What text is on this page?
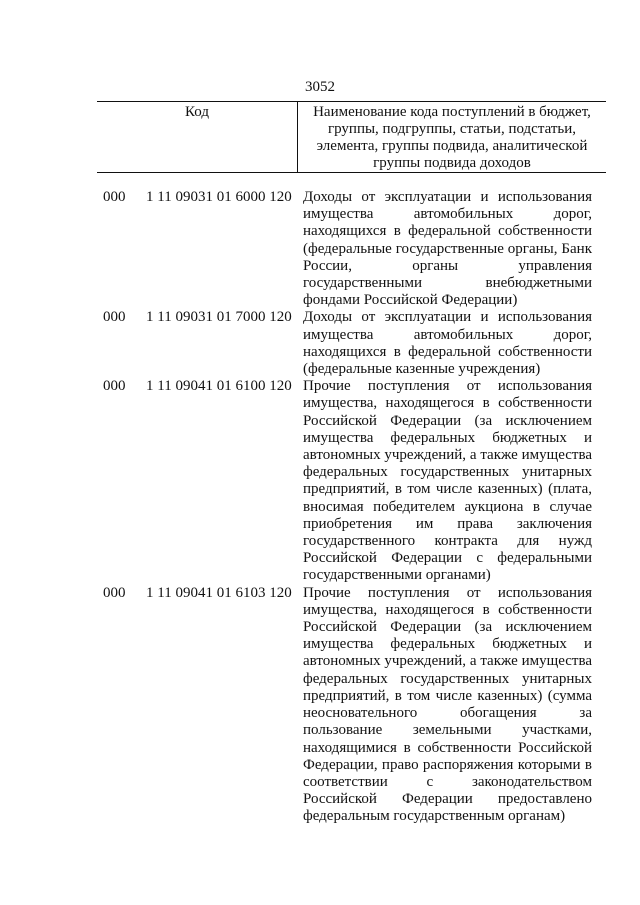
3052
Код	Наименование кода поступлений в бюджет, группы, подгруппы, статьи, подстатьи, элемента, группы подвида, аналитической группы подвида доходов
000 1 11 09031 01 6000 120 Доходы от эксплуатации и использования имущества автомобильных дорог, находящихся в федеральной собственности (федеральные государственные органы, Банк России, органы управления государственными внебюджетными фондами Российской Федерации)
000 1 11 09031 01 7000 120 Доходы от эксплуатации и использования имущества автомобильных дорог, находящихся в федеральной собственности (федеральные казенные учреждения)
000 1 11 09041 01 6100 120 Прочие поступления от использования имущества, находящегося в собственности Российской Федерации (за исключением имущества федеральных бюджетных и автономных учреждений, а также имущества федеральных государственных унитарных предприятий, в том числе казенных) (плата, вносимая победителем аукциона в случае приобретения им права заключения государственного контракта для нужд Российской Федерации с федеральными государственными органами)
000 1 11 09041 01 6103 120 Прочие поступления от использования имущества, находящегося в собственности Российской Федерации (за исключением имущества федеральных бюджетных и автономных учреждений, а также имущества федеральных государственных унитарных предприятий, в том числе казенных) (сумма неосновательного обогащения за пользование земельными участками, находящимися в собственности Российской Федерации, право распоряжения которыми в соответствии с законодательством Российской Федерации предоставлено федеральным государственным органам)
